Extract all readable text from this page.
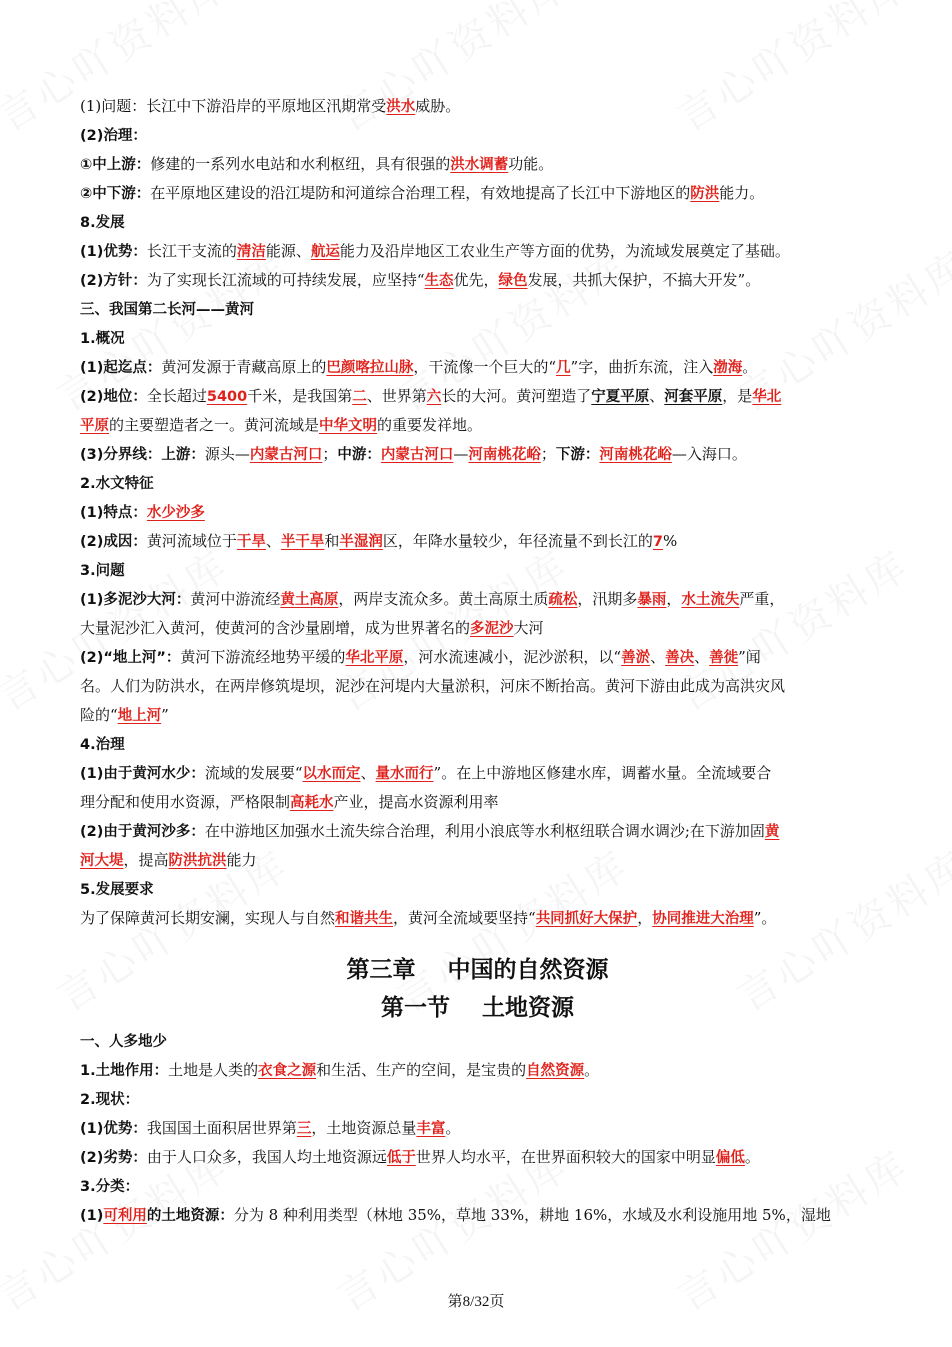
(1)问题：长江中下游沿岸的平原地区汛期常受洪水威胁。
(2)治理：
①中上游：修建的一系列水电站和水利枢纽，具有很强的洪水调蓄功能。
②中下游：在平原地区建设的沿江堤防和河道综合治理工程，有效地提高了长江中下游地区的防洪能力。
8.发展
(1)优势：长江干支流的清洁能源、航运能力及沿岸地区工农业生产等方面的优势，为流域发展奠定了基础。
(2)方针：为了实现长江流域的可持续发展，应坚持“生态优先，绿色发展，共抓大保护，不搞大开发”。
三、我国第二长河——黄河
1.概况
(1)起迄点：黄河发源于青藏高原上的巴颜喀拉山脉，干流像一个巨大的“几”字，曲折东流，注入渤海。
(2)地位：全长超过5400千米，是我国第二、世界第六长的大河。黄河塑造了宁夏平原、河套平原，是华北
平原的主要塑造者之一。黄河流域是中华文明的重要发祥地。
(3)分界线：上游：源头—内蒙古河口；中游：内蒙古河口—河南桃花峪；下游：河南桃花峪—入海口。
2.水文特征
(1)特点：水少沙多
(2)成因：黄河流域位于干旱、半干旱和半湿润区，年降水量较少，年径流量不到长江的7%
3.问题
(1)多泥沙大河：黄河中游流经黄土高原，两岸支流众多。黄土高原土质疏松，汛期多暴雨，水土流失严重，
大量泥沙汇入黄河，使黄河的含沙量剧增，成为世界著名的多泥沙大河
(2)“地上河”：黄河下游流经地势平缓的华北平原，河水流速减小，泥沙淤积，以“善淤、善决、善徙”闻
名。人们为防洪水，在两岸修筑堤坝，泥沙在河堤内大量淤积，河床不断抬高。黄河下游由此成为高洪灾风
险的“地上河”
4.治理
(1)由于黄河水少：流域的发展要“以水而定、量水而行”。在上中游地区修建水库，调蓄水量。全流域要合
理分配和使用水资源，严格限制高耗水产业，提高水资源利用率
(2)由于黄河沙多：在中游地区加强水土流失综合治理，利用小浪底等水利枢纽联合调水调沙;在下游加固黄
河大堤，提高防洪抗洪能力
5.发展要求
为了保障黄河长期安澜，实现人与自然和谐共生，黄河全流域要坚持“共同抓好大保护，协同推进大治理”。
第三章    中国的自然资源
第一节    土地资源
一、人多地少
1.土地作用：土地是人类的衣食之源和生活、生产的空间，是宝贵的自然资源。
2.现状：
(1)优势：我国国土面积居世界第三，土地资源总量丰富。
(2)劣势：由于人口众多，我国人均土地资源远低于世界人均水平，在世界面积较大的国家中明显偏低。
3.分类：
(1)可利用的土地资源：分为 8 种利用类型（林地 35%，草地 33%，耕地 16%，水域及水利设施用地 5%，湿地
第8/32页
